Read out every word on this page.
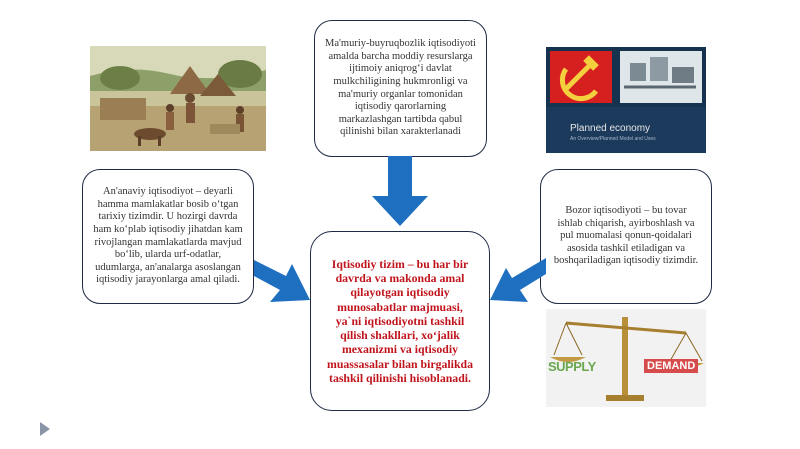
Ma'muriy-buyruqbozlik iqtisodiyoti amalda barcha moddiy resurslarga ijtimoiy aniqrog‘i davlat mulkchiligining hukmronligi va ma'muriy organlar tomonidan iqtisodiy qarorlarning markazlashgan tartibda qabul qilinishi bilan xarakterlanadi
An'anaviy iqtisodiyot – deyarli hamma mamlakatlar bosib o‘tgan tarixiy tizimdir. U hozirgi davrda ham ko‘plab iqtisodiy jihatdan kam rivojlangan mamlakatlarda mavjud bo‘lib, ularda urf-odatlar, udumlarga, an'analarga asoslangan iqtisodiy jarayonlarga amal qiladi.
Bozor iqtisodiyoti – bu tovar ishlab chiqarish, ayirboshlash va pul muomalasi qonun-qoidalari asosida tashkil etiladigan va boshqariladigan iqtisodiy tizimdir.
Iqtisodiy tizim – bu har bir davrda va makonda amal qilayotgan iqtisodiy munosabatlar majmuasi, ya`ni iqtisodiyotni tashkil qilish shakllari, xo‘jalik mexanizmi va iqtisodiy muassasalar bilan birgalikda tashkil qilinishi hisoblanadi.
Planned economy
An Overview/Planned Model and Uses
SUPPLY	DEMAND
